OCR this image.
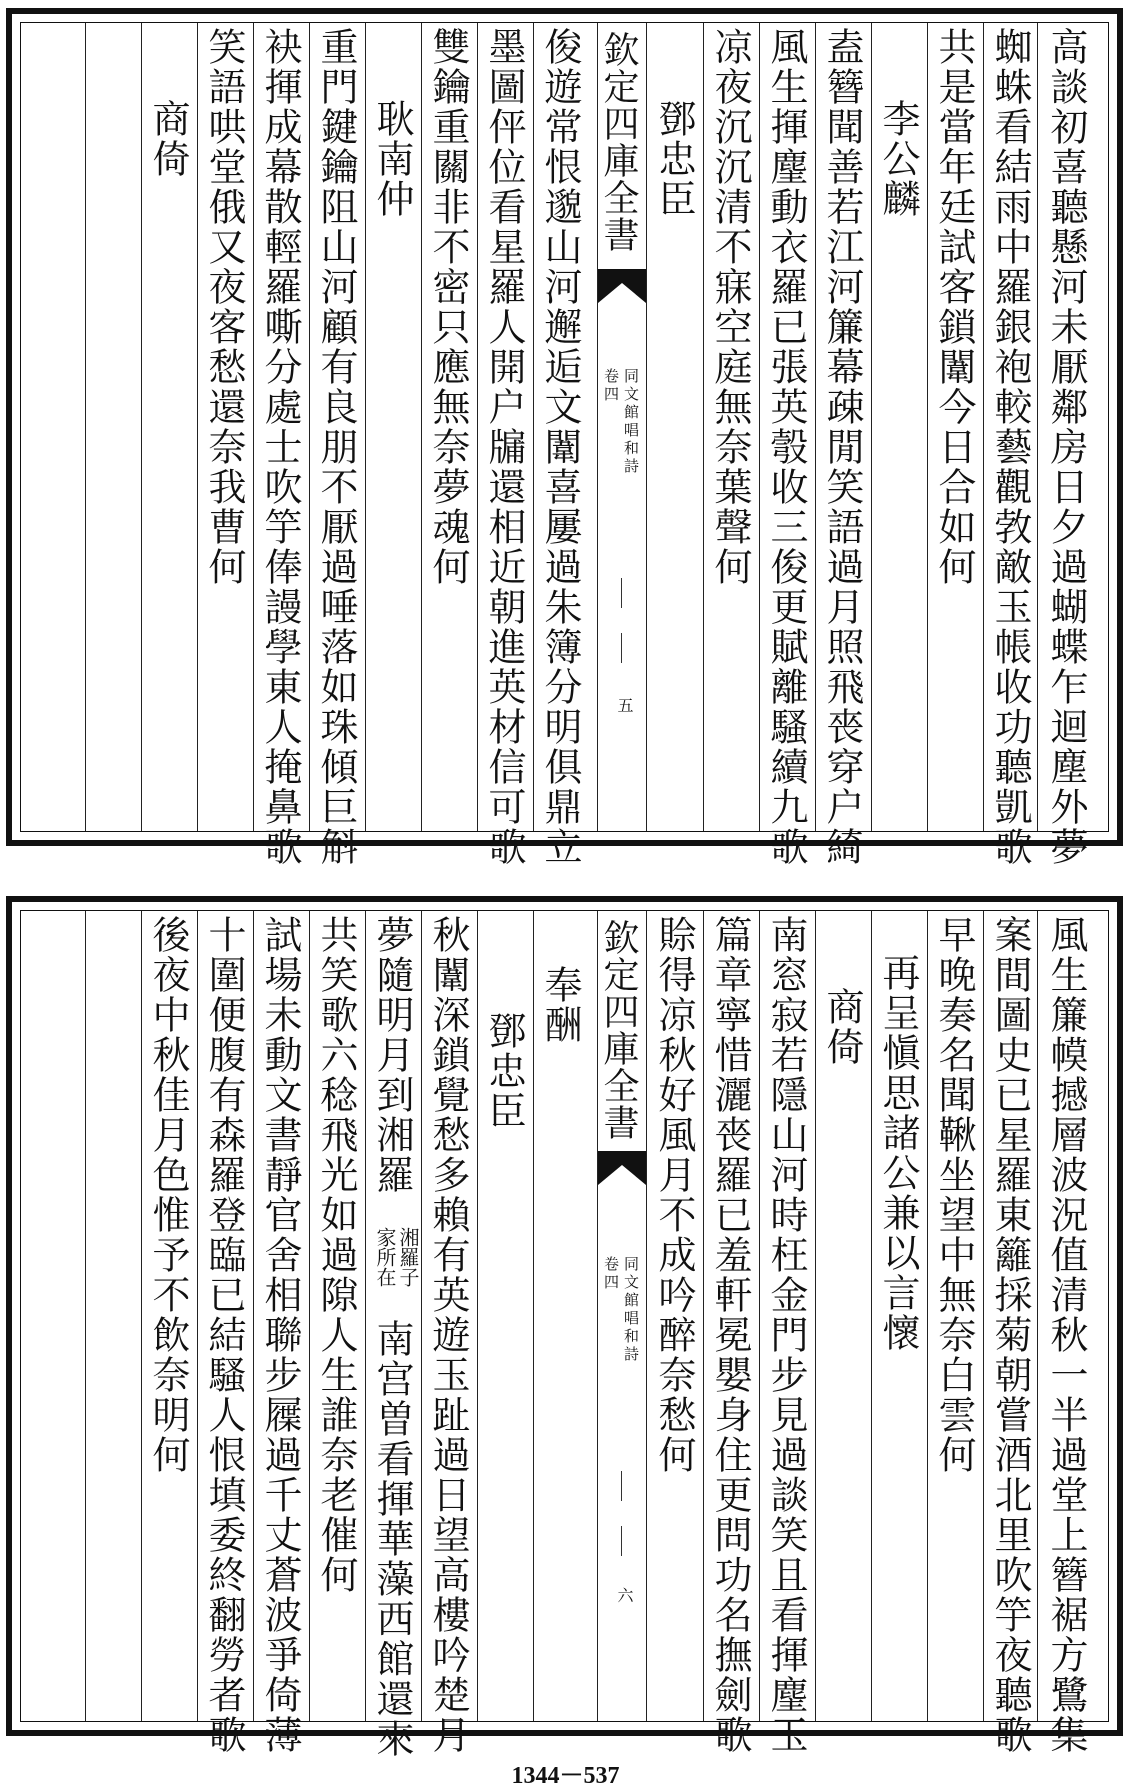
高談初喜聽懸河未厭鄰房日夕過蝴蝶乍迴塵外夢
蜘蛛看結雨中羅銀袍較藝觀㪍敵玉帳收功聽凱歌
共是當年廷試客鎖闈今日合如何
李公麟
盍簪聞善若江河簾幕疎閒笑語過月照飛䘮穿户綺
風生揮麈動衣羅已張英彀收三俊更賦離騷續九歌
凉夜沉沉清不寐空庭無奈葉聲何
鄧忠臣
欽定四庫全書
同文館唱和詩
卷四
五
俊遊常恨邈山河邂逅文闈喜屢過朱簿分明俱鼎立
墨圖伻位看星羅人開户牖還相近朝進英材信可歌
雙鑰重關非不密只應無奈夢魂何
耿南仲
重門鍵鑰阻山河顧有良朋不厭過唾落如珠傾巨斛
袂揮成幕散輕羅嘶分處士吹竽俸謾學東人掩鼻歌
笑語哄堂俄又夜客愁還奈我曹何
商倚
風生簾幙撼層波況值清秋一半過堂上簪裾方鷺集
案間圖史已星羅東籬採菊朝嘗酒北里吹竽夜聽歌
早晚奏名聞鞦坐望中無奈白雲何
再呈愼思諸公兼以言懷
商倚
南窓寂若隱山河時枉金門步見過談笑且看揮麈玉
篇章寧惜灑䘮羅已羞軒冕嬰身住更問功名撫劍歌
賒得凉秋好風月不成吟醉奈愁何
欽定四庫全書
同文館唱和詩
卷四
六
奉酬
鄧忠臣
秋闈深鎖覺愁多賴有英遊玉趾過日望高樓吟楚月
夢隨明月到湘羅
湘羅子
家所在
南宫曽看揮華藻西館還來
共笑歌六稔飛光如過隙人生誰奈老催何
試場未動文書靜官舍相聯步屧過千丈蒼波爭倚薄
十圍便腹有森羅登臨已結騷人恨填委終翻勞者歌
後夜中秋佳月色惟予不飲奈明何
1344－537
